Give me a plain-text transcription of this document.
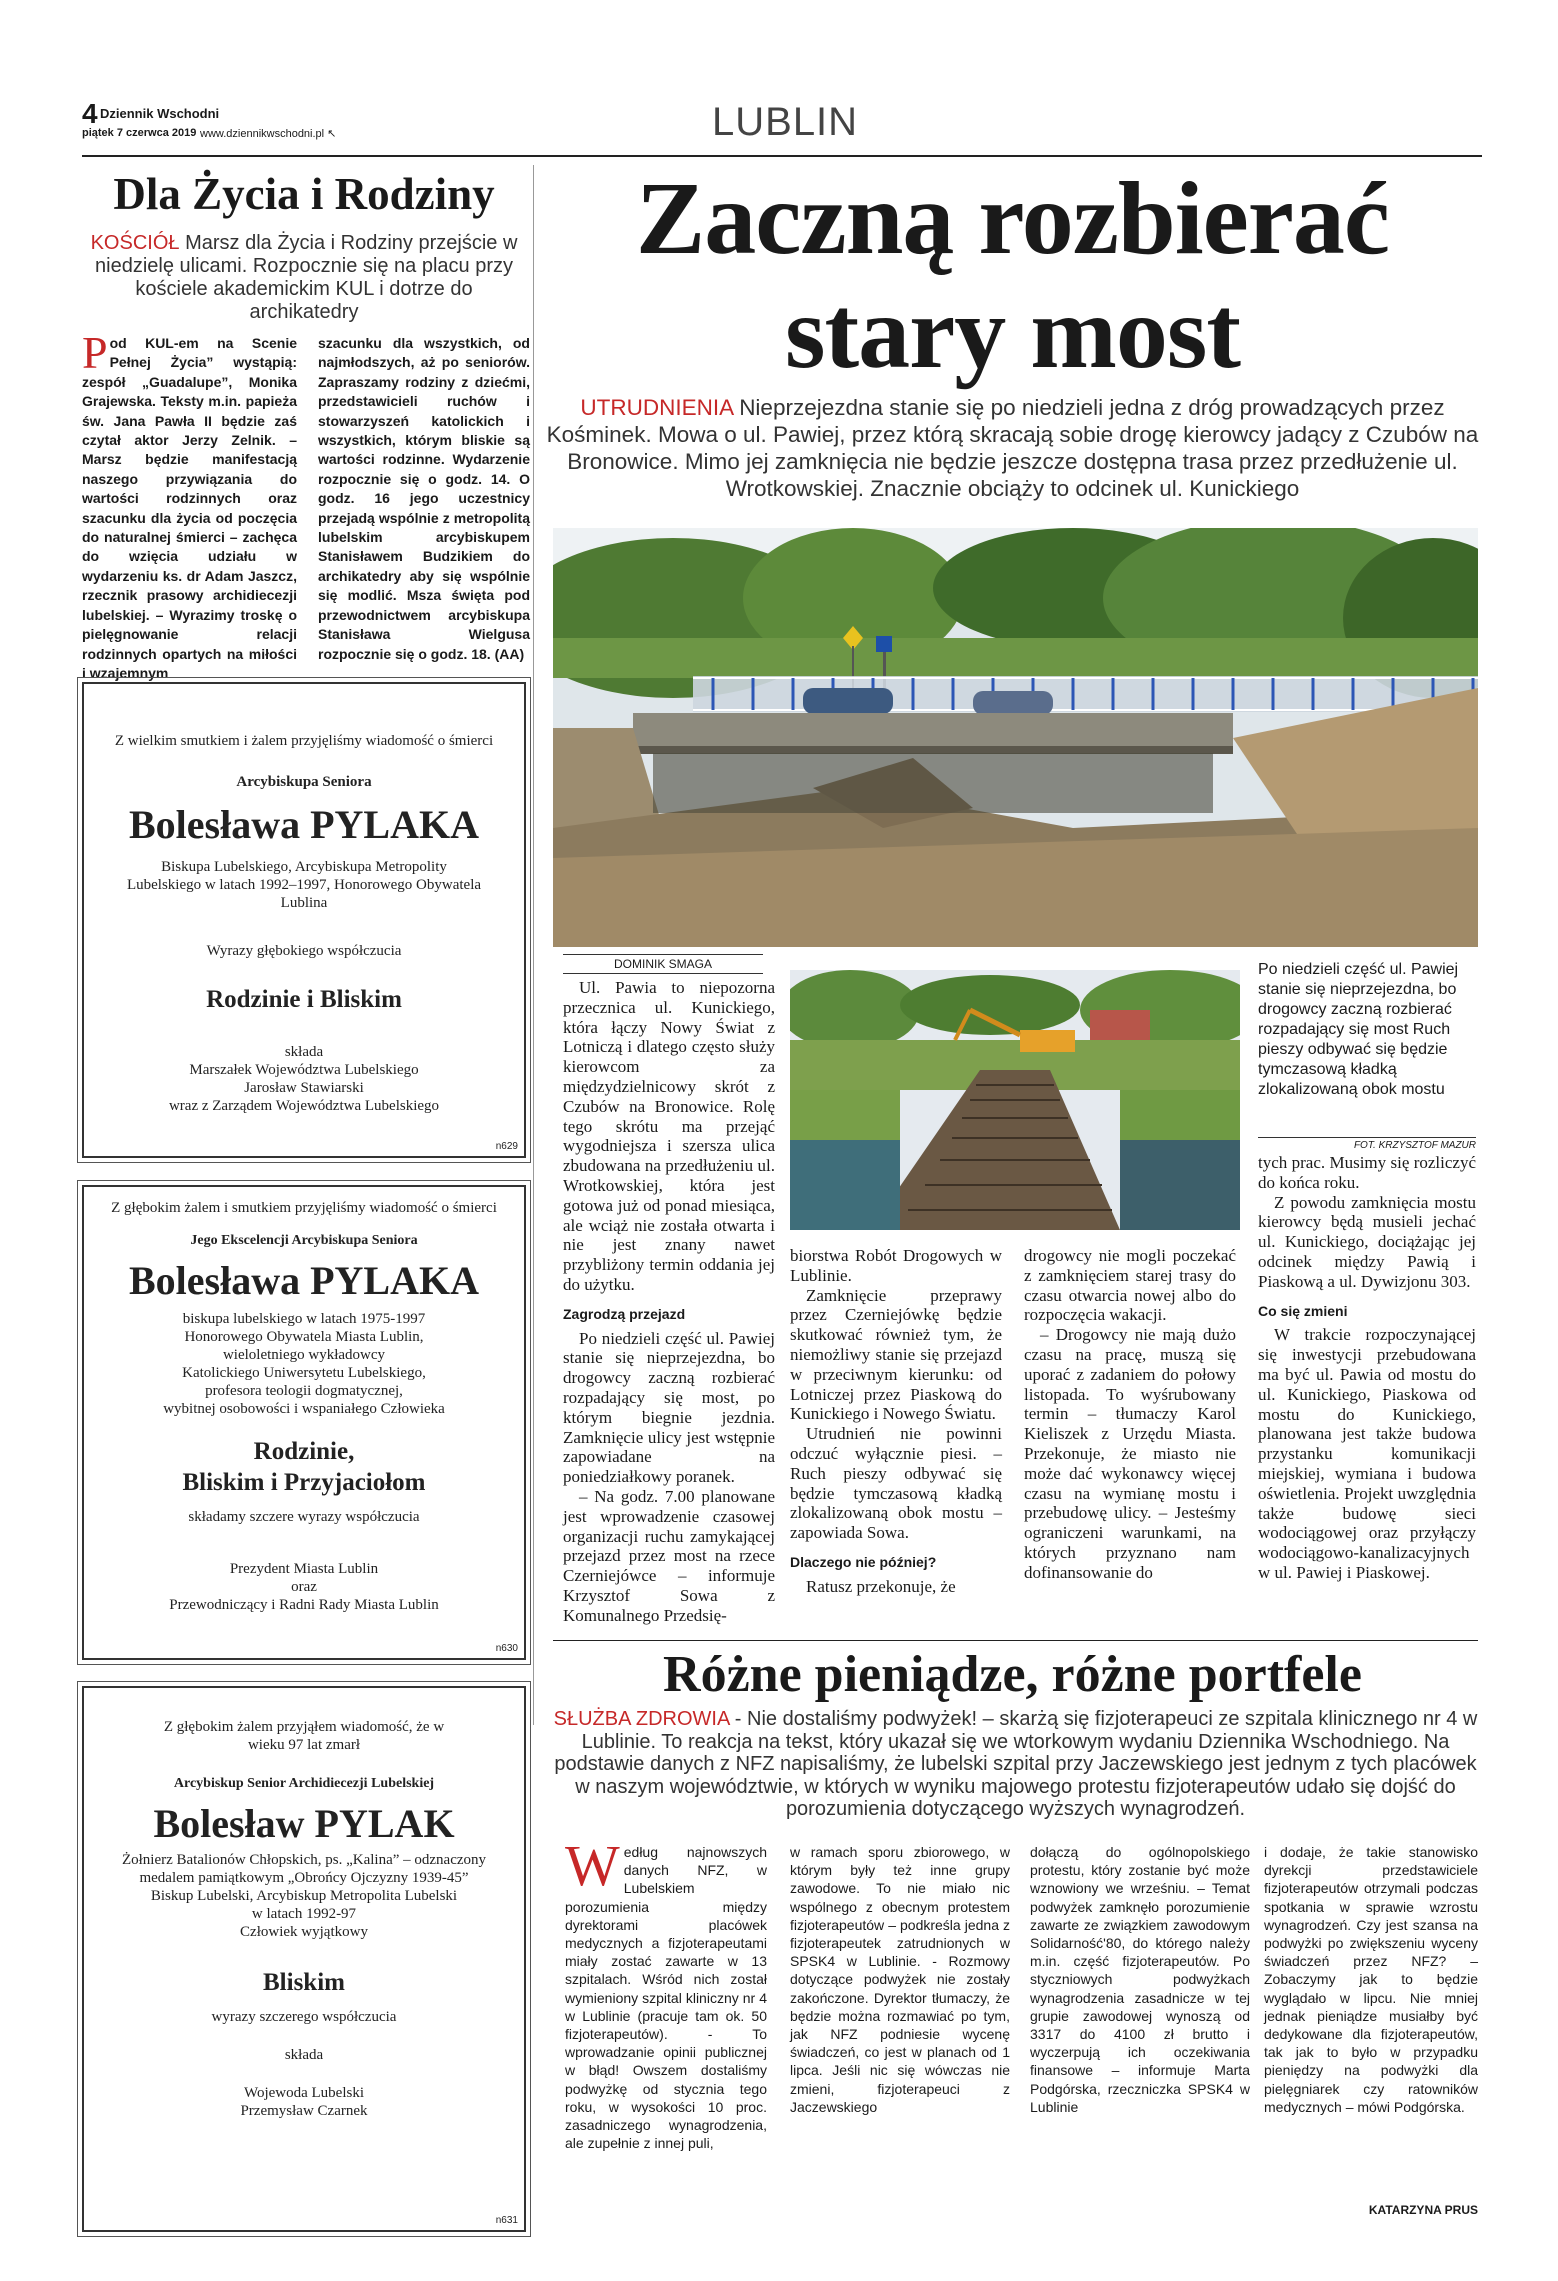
4 Dziennik Wschodni
piątek 7 czerwca 2019 www.dziennikwschodni.pl ↖	LUBLIN
Dla Życia i Rodziny
KOŚCIÓŁ Marsz dla Życia i Rodziny przejście w niedzielę ulicami. Rozpocznie się na placu przy kościele akademickim KUL i dotrze do archikatedry
P od KUL-em na Scenie Pełnej Życia” wystąpią: zespół „Guadalupe”, Monika Grajewska. Teksty m.in. papieża św. Jana Pawła II będzie zaś czytał aktor Jerzy Zelnik. – Marsz będzie manifestacją naszego przywiązania do wartości rodzinnych oraz szacunku dla życia od poczęcia do naturalnej śmierci – zachęca do wzięcia udziału w wydarzeniu ks. dr Adam Jaszcz, rzecznik prasowy archidiecezji lubelskiej. – Wyrazimy troskę o pielęgnowanie relacji rodzinnych opartych na miłości i wzajemnym
szacunku dla wszystkich, od najmłodszych, aż po seniorów. Zapraszamy rodziny z dziećmi, przedstawicieli ruchów i stowarzyszeń katolickich i wszystkich, którym bliskie są wartości rodzinne. Wydarzenie rozpocznie się o godz. 14. O godz. 16 jego uczestnicy przejadą wspólnie z metropolitą lubelskim arcybiskupem Stanisławem Budzikiem do archikatedry aby się wspólnie się modlić. Msza święta pod przewodnictwem arcybiskupa Stanisława Wielgusa rozpocznie się o godz. 18. (AA)
Z wielkim smutkiem i żalem przyjęliśmy wiadomość o śmierci
Arcybiskupa Seniora
Bolesława PYLAKA
Biskupa Lubelskiego, Arcybiskupa Metropolity Lubelskiego w latach 1992–1997, Honorowego Obywatela Lublina
Wyrazy głębokiego współczucia
Rodzinie i Bliskim
składa
Marszałek Województwa Lubelskiego
Jarosław Stawiarski
wraz z Zarządem Województwa Lubelskiego
n629
Z głębokim żalem i smutkiem przyjęliśmy wiadomość o śmierci
Jego Ekscelencji Arcybiskupa Seniora
Bolesława PYLAKA
biskupa lubelskiego w latach 1975-1997
Honorowego Obywatela Miasta Lublin,
wieloletniego wykładowcy
Katolickiego Uniwersytetu Lubelskiego,
profesora teologii dogmatycznej,
wybitnej osobowości i wspaniałego Człowieka
Rodzinie,
Bliskim i Przyjaciołom
składamy szczere wyrazy współczucia
Prezydent Miasta Lublin
oraz
Przewodniczący i Radni Rady Miasta Lublin
n630
Z głębokim żalem przyjąłem wiadomość, że w wieku 97 lat zmarł
Arcybiskup Senior Archidiecezji Lubelskiej
Bolesław PYLAK
Żołnierz Batalionów Chłopskich, ps. „Kalina” – odznaczony
medalem pamiątkowym „Obrońcy Ojczyzny 1939-45”
Biskup Lubelski, Arcybiskup Metropolita Lubelski
w latach 1992-97
Człowiek wyjątkowy
Bliskim
wyrazy szczerego współczucia
składa
Wojewoda Lubelski
Przemysław Czarnek
n631
Zaczną rozbierać
stary most
UTRUDNIENIA Nieprzejezdna stanie się po niedzieli jedna z dróg prowadzących przez Kośminek. Mowa o ul. Pawiej, przez którą skracają sobie drogę kierowcy jadący z Czubów na Bronowice. Mimo jej zamknięcia nie będzie jeszcze dostępna trasa przez przedłużenie ul. Wrotkowskiej. Znacznie obciąży to odcinek ul. Kunickiego
DOMINIK SMAGA	Po niedzieli część ul. Pawiej stanie się nieprzejezdna, bo drogowcy zaczną rozbierać rozpadający się most Ruch pieszy odbywać się będzie tymczasową kładką zlokalizowaną obok mostu
FOT. KRZYSZTOF MAZUR

Ul. Pawia to niepozorna przecznica ul. Kunickiego, która łączy Nowy Świat z Lotniczą i dlatego często służy kierowcom za międzydzielnicowy skrót z Czubów na Bronowice. Rolę tego skrótu ma przejąć wygodniejsza i szersza ulica zbudowana na przedłużeniu ul. Wrotkowskiej, która jest gotowa już od ponad miesiąca, ale wciąż nie została otwarta i nie jest znany nawet przybliżony termin oddania jej do użytku.

Zagrodzą przejazd

Po niedzieli część ul. Pawiej stanie się nieprzejezdna, bo drogowcy zaczną rozbierać rozpadający się most, po którym biegnie jezdnia. Zamknięcie ulicy jest wstępnie zapowiadane na poniedziałkowy poranek.

– Na godz. 7.00 planowane jest wprowadzenie czasowej organizacji ruchu zamykającej przejazd przez most na rzece Czerniejówce – informuje Krzysztof Sowa z Komunalnego Przedsię-

biorstwa Robót Drogowych w Lublinie.

Zamknięcie przeprawy przez Czerniejówkę będzie skutkować również tym, że niemożliwy stanie się przejazd w przeciwnym kierunku: od Lotniczej przez Piaskową do Kunickiego i Nowego Światu.

Utrudnień nie powinni odczuć wyłącznie piesi. – Ruch pieszy odbywać się będzie tymczasową kładką zlokalizowaną obok mostu – zapowiada Sowa.

Dlaczego nie później?

Ratusz przekonuje, że

drogowcy nie mogli poczekać z zamknięciem starej trasy do czasu otwarcia nowej albo do rozpoczęcia wakacji.

– Drogowcy nie mają dużo czasu na pracę, muszą się uporać z zadaniem do połowy listopada. To wyśrubowany termin – tłumaczy Karol Kieliszek z Urzędu Miasta. Przekonuje, że miasto nie może dać wykonawcy więcej czasu na wymianę mostu i przebudowę ulicy. – Jesteśmy ograniczeni warunkami, na których przyznano nam dofinansowanie do

tych prac. Musimy się rozliczyć do końca roku.

Z powodu zamknięcia mostu kierowcy będą musieli jechać ul. Kunickiego, dociążając jej odcinek między Pawią i Piaskową a ul. Dywizjonu 303.

Co się zmieni

W trakcie rozpoczynającej się inwestycji przebudowana ma być ul. Pawia od mostu do ul. Kunickiego, Piaskowa od mostu do Kunickiego, planowana jest także budowa przystanku komunikacji miejskiej, wymiana i budowa oświetlenia. Projekt uwzględnia także budowę sieci wodociągowej oraz przyłączy wodociągowo-kanalizacyjnych w ul. Pawiej i Piaskowej.

Różne pieniądze, różne portfele
SŁUŻBA ZDROWIA - Nie dostaliśmy podwyżek! – skarżą się fizjoterapeuci ze szpitala klinicznego nr 4 w Lublinie. To reakcja na tekst, który ukazał się we wtorkowym wydaniu Dziennika Wschodniego. Na podstawie danych z NFZ napisaliśmy, że lubelski szpital przy Jaczewskiego jest jednym z tych placówek w naszym województwie, w których w wyniku majowego protestu fizjoterapeutów udało się dojść do porozumienia dotyczącego wyższych wynagrodzeń.
W edług najnowszych danych NFZ, w Lubelskiem porozumienia między dyrektorami placówek medycznych a fizjoterapeutami miały zostać zawarte w 13 szpitalach. Wśród nich został wymieniony szpital kliniczny nr 4 w Lublinie (pracuje tam ok. 50 fizjoterapeutów). - To wprowadzanie opinii publicznej w błąd! Owszem dostaliśmy podwyżkę od stycznia tego roku, w wysokości 10 proc. zasadniczego wynagrodzenia, ale zupełnie z innej puli,
w ramach sporu zbiorowego, w którym były też inne grupy zawodowe. To nie miało nic wspólnego z obecnym protestem fizjoterapeutów – podkreśla jedna z fizjoterapeutek zatrudnionych w SPSK4 w Lublinie. - Rozmowy dotyczące podwyżek nie zostały zakończone. Dyrektor tłumaczy, że będzie można rozmawiać po tym, jak NFZ podniesie wycenę świadczeń, co jest w planach od 1 lipca. Jeśli nic się wówczas nie zmieni, fizjoterapeuci z Jaczewskiego
dołączą do ogólnopolskiego protestu, który zostanie być może wznowiony we wrześniu. – Temat podwyżek zamknęło porozumienie zawarte ze związkiem zawodowym Solidarność'80, do którego należy m.in. część fizjoterapeutów. Po styczniowych podwyżkach wynagrodzenia zasadnicze w tej grupie zawodowej wynoszą od 3317 do 4100 zł brutto i wyczerpują ich oczekiwania finansowe – informuje Marta Podgórska, rzeczniczka SPSK4 w Lublinie
i dodaje, że takie stanowisko dyrekcji przedstawiciele fizjoterapeutów otrzymali podczas spotkania w sprawie wzrostu wynagrodzeń. Czy jest szansa na podwyżki po zwiększeniu wyceny świadczeń przez NFZ? – Zobaczymy jak to będzie wyglądało w lipcu. Nie mniej jednak pieniądze musiałby być dedykowane dla fizjoterapeutów, tak jak to było w przypadku pieniędzy na podwyżki dla pielęgniarek czy ratowników medycznych – mówi Podgórska.
KATARZYNA PRUS
